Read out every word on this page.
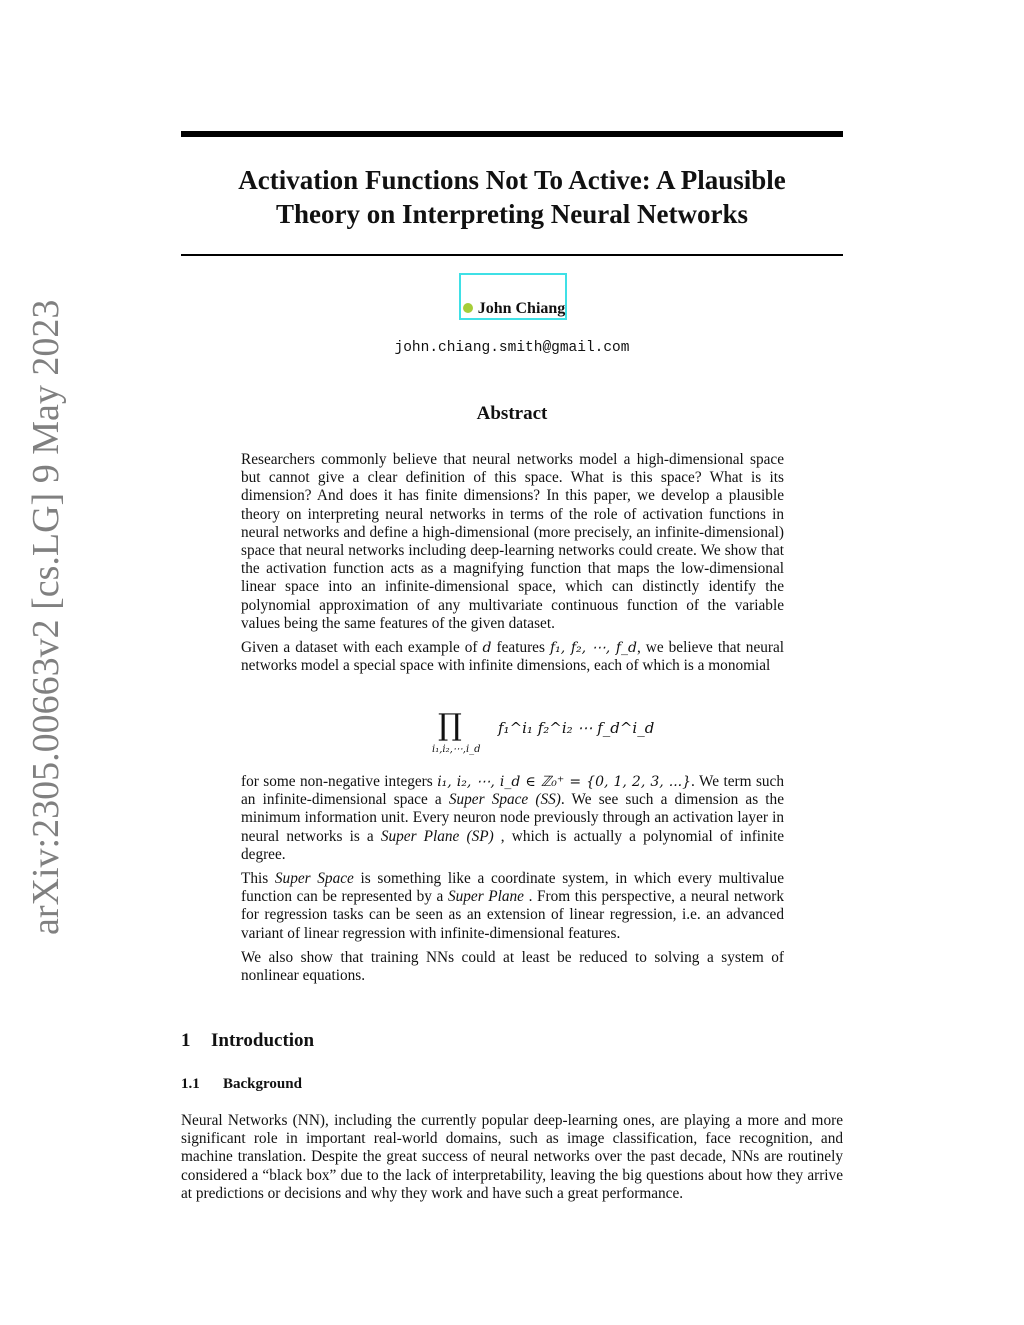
arXiv:2305.00663v2 [cs.LG] 9 May 2023
Activation Functions Not To Active: A Plausible
Theory on Interpreting Neural Networks
John Chiang
john.chiang.smith@gmail.com
Abstract

Researchers commonly believe that neural networks model a high-dimensional space but cannot give a clear definition of this space. What is this space? What is its dimension? And does it has finite dimensions? In this paper, we develop a plausible theory on interpreting neural networks in terms of the role of activation functions in neural networks and define a high-dimensional (more precisely, an infinite-dimensional) space that neural networks including deep-learning networks could create. We show that the activation function acts as a magnifying function that maps the low-dimensional linear space into an infinite-dimensional space, which can distinctly identify the polynomial approximation of any multivariate continuous function of the variable values being the same features of the given dataset.

Given a dataset with each example of d features f₁, f₂, ⋯, f_d, we believe that neural networks model a special space with infinite dimensions, each of which is a monomial

∏
i₁,i₂,⋯,i_d
f₁^i₁ f₂^i₂ ⋯ f_d^i_d

for some non-negative integers i₁, i₂, ⋯, i_d ∈ ℤ₀⁺ = {0, 1, 2, 3, ...}. We term such an infinite-dimensional space a Super Space (SS). We see such a dimension as the minimum information unit. Every neuron node previously through an activation layer in neural networks is a Super Plane (SP) , which is actually a polynomial of infinite degree.

This Super Space is something like a coordinate system, in which every multivalue function can be represented by a Super Plane . From this perspective, a neural network for regression tasks can be seen as an extension of linear regression, i.e. an advanced variant of linear regression with infinite-dimensional features.

We also show that training NNs could at least be reduced to solving a system of nonlinear equations.

1 Introduction
1.1 Background
Neural Networks (NN), including the currently popular deep-learning ones, are playing a more and more significant role in important real-world domains, such as image classification, face recognition, and machine translation. Despite the great success of neural networks over the past decade, NNs are routinely considered a “black box” due to the lack of interpretability, leaving the big questions about how they arrive at predictions or decisions and why they work and have such a great performance.
